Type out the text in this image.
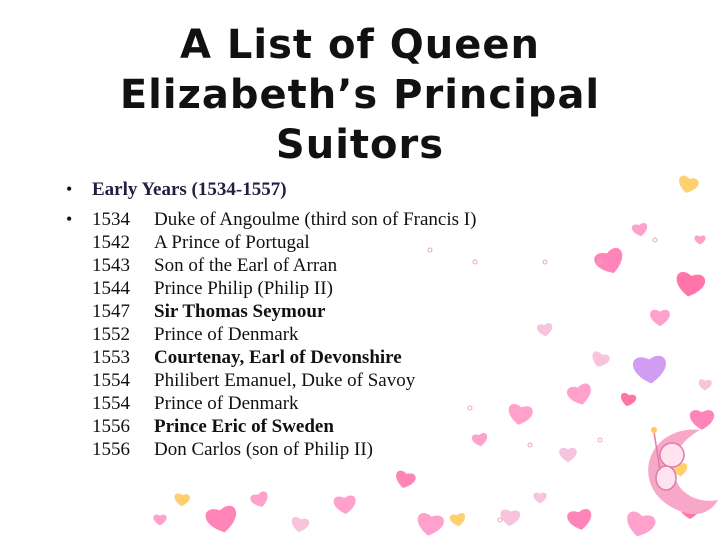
A List of Queen
Elizabeth’s Principal
Suitors
• Early Years (1534-1557)
• 1534	Duke of Angoulme (third son of Francis I)
1542	A Prince of Portugal
1543	Son of the Earl of Arran
1544	Prince Philip (Philip II)
1547	Sir Thomas Seymour
1552	Prince of Denmark
1553	Courtenay, Earl of Devonshire
1554	Philibert Emanuel, Duke of Savoy
1554	Prince of Denmark
1556	Prince Eric of Sweden
1556	Don Carlos (son of Philip II)
